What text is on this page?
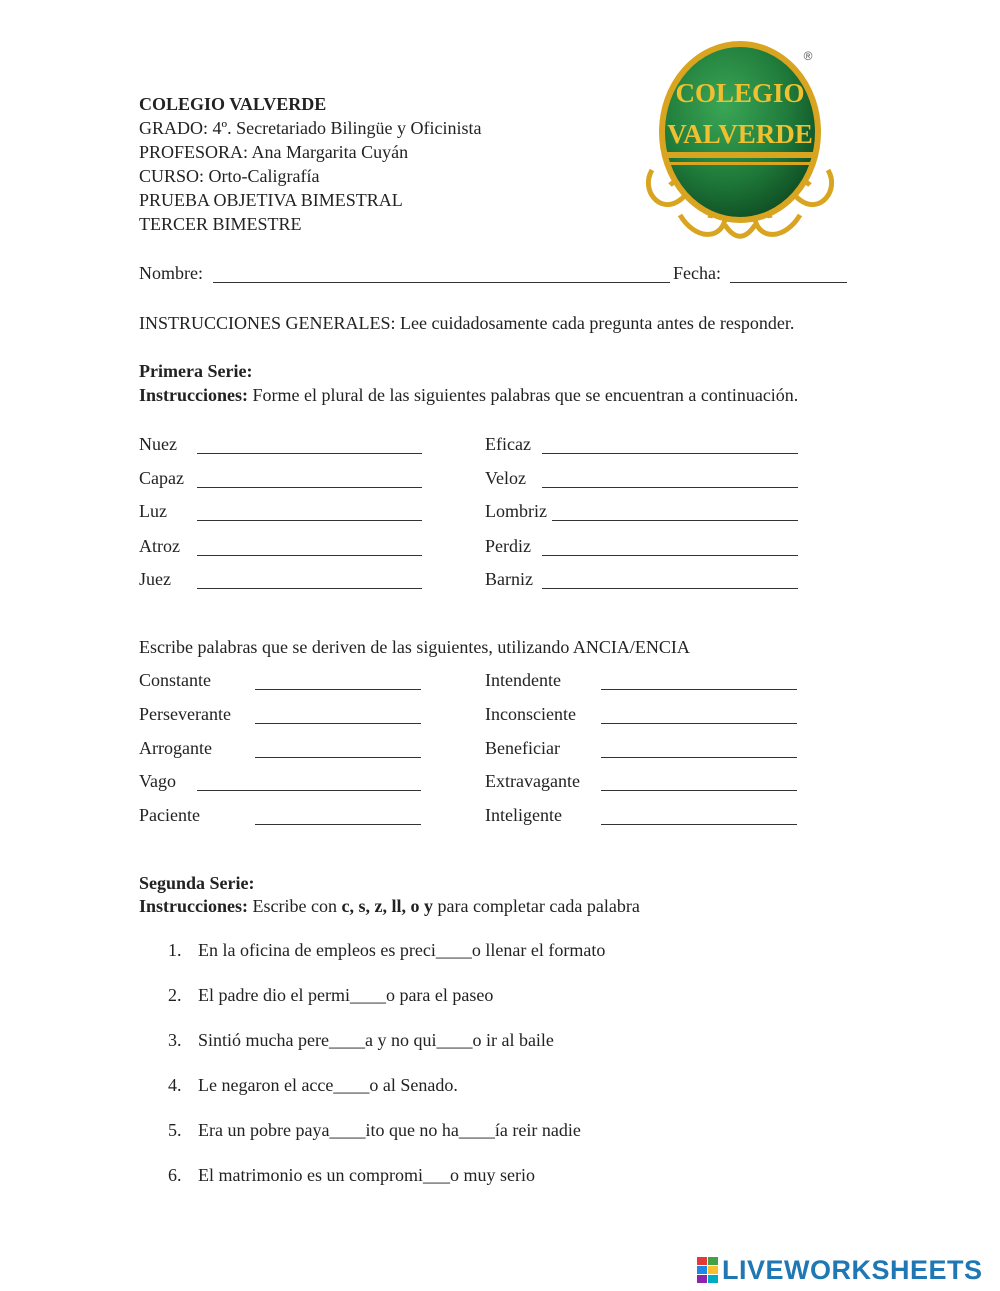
COLEGIO VALVERDE
GRADO: 4º. Secretariado Bilingüe y Oficinista
PROFESORA: Ana Margarita Cuyán
CURSO: Orto-Caligrafía
PRUEBA OBJETIVA BIMESTRAL
TERCER BIMESTRE
COLEGIO
VALVERDE
®
Nombre:	Fecha:
INSTRUCCIONES GENERALES: Lee cuidadosamente cada pregunta antes de responder.
Primera Serie:
Instrucciones: Forme el plural de las siguientes palabras que se encuentran a continuación.
Nuez	Eficaz
Capaz	Veloz
Luz	Lombriz
Atroz	Perdiz
Juez	Barniz
Escribe palabras que se deriven de las siguientes, utilizando ANCIA/ENCIA
Constante	Intendente
Perseverante	Inconsciente
Arrogante	Beneficiar
Vago	Extravagante
Paciente	Inteligente
Segunda Serie:
Instrucciones: Escribe con c, s, z, ll, o y para completar cada palabra
1. En la oficina de empleos es preci____o llenar el formato
2. El padre dio el permi____o para el paseo
3. Sintió mucha pere____a y no qui____o ir al baile
4. Le negaron el acce____o al Senado.
5. Era un pobre paya____ito que no ha____ía reir nadie
6. El matrimonio es un compromi___o muy serio
LIVEWORKSHEETS
